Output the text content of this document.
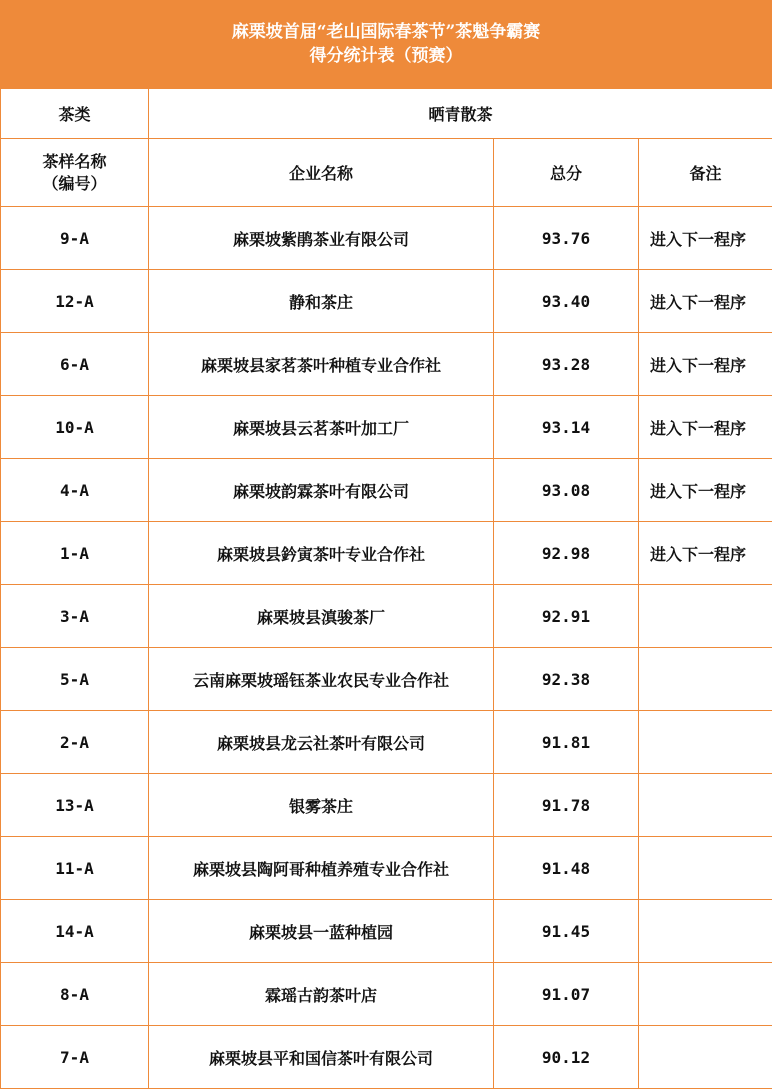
麻栗坡首届“老山国际春茶节”茶魁争霸赛
得分统计表（预赛）
茶类	晒青散茶		

茶样名称
（编号）	企业名称	总分	备注
9-A	麻栗坡紫鹃茶业有限公司	93.76	进入下一程序
12-A	静和茶庄	93.40	进入下一程序
6-A	麻栗坡县家茗茶叶种植专业合作社	93.28	进入下一程序
10-A	麻栗坡县云茗茶叶加工厂	93.14	进入下一程序
4-A	麻栗坡韵霖茶叶有限公司	93.08	进入下一程序
1-A	麻栗坡县鈐寅茶叶专业合作社	92.98	进入下一程序
3-A	麻栗坡县滇骏茶厂	92.91	
5-A	云南麻栗坡瑶钰茶业农民专业合作社	92.38	
2-A	麻栗坡县龙云社茶叶有限公司	91.81	
13-A	银雾茶庄	91.78	
11-A	麻栗坡县陶阿哥种植养殖专业合作社	91.48	
14-A	麻栗坡县一蓝种植园	91.45	
8-A	霖瑶古韵茶叶店	91.07	
7-A	麻栗坡县平和国信茶叶有限公司	90.12	
